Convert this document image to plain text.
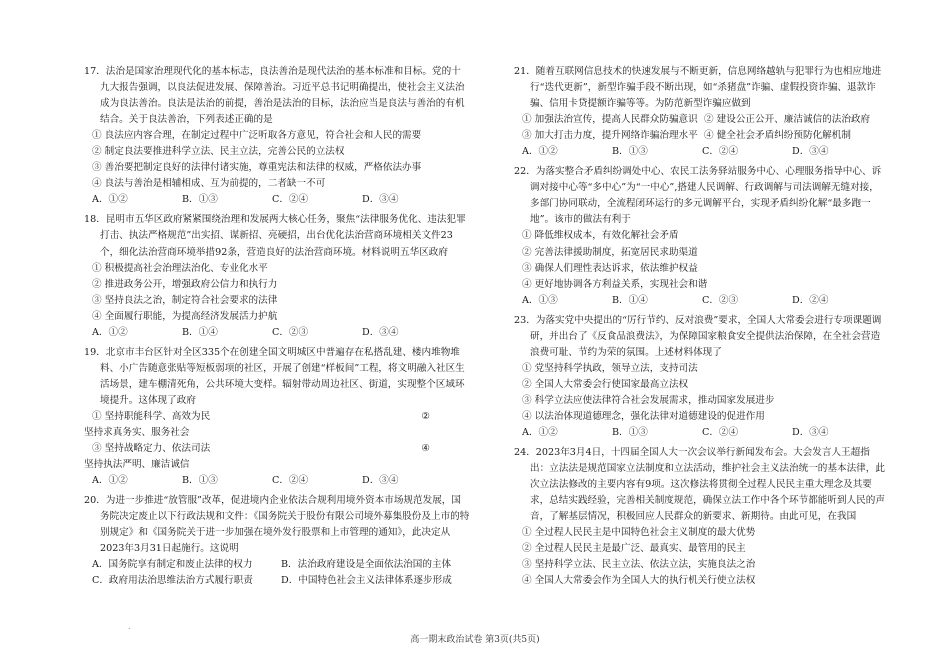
17．法治是国家治理现代化的基本标志，良法善治是现代法治的基本标准和目标。党的十九大报告强调，以良法促进发展、保障善治。习近平总书记明确提出，使社会主义法治成为良法善治。良法是法治的前提，善治是法治的目标，法治应当是良法与善治的有机结合。关于良法善治，下列表述正确的是

① 良法应内容合理，在制定过程中广泛听取各方意见，符合社会和人民的需要

② 制定良法要推进科学立法、民主立法，完善公民的立法权

③ 善治要把制定良好的法律付诸实施，尊重宪法和法律的权威，严格依法办事

④ 良法与善治是相辅相成、互为前提的，二者缺一不可

A．①②	B．①③	C．②④	D．③④

18．昆明市五华区政府紧紧围绕治理和发展两大核心任务，聚焦“法律服务优化、违法犯罪打击、执法严格规范”出实招、谋新招、亮硬招，出台优化法治营商环境相关文件23个，细化法治营商环境举措92条，营造良好的法治营商环境。材料说明五华区政府

① 积极提高社会治理法治化、专业化水平

② 推进政务公开，增强政府公信力和执行力

③ 坚持良法之治，制定符合社会要求的法律

④ 全面履行职能，为提高经济发展活力护航

A．①②	B．①④	C．②③	D．③④

19．北京市丰台区针对全区335个在创建全国文明城区中普遍存在私搭乱建、楼内堆物堆料、小广告随意张贴等短板弱项的社区，开展了创建“样板间”工程，将文明融入社区生活场景，建车棚清死角，公共环境大变样。辐射带动周边社区、街道，实现整个区域环境提升。这体现了政府

① 坚持职能科学、高效为民	②

坚持求真务实、服务社会

③ 坚持战略定力、依法司法	④

坚持执法严明、廉洁诚信

A．①②	B．①③	C．②④	D．③④

20．为进一步推进“放管服”改革，促进境内企业依法合规利用境外资本市场规范发展，国务院决定废止以下行政法规和文件：《国务院关于股份有限公司境外募集股份及上市的特别规定》和《国务院关于进一步加强在境外发行股票和上市管理的通知》，此决定从2023年3月31日起施行。这说明

A．国务院享有制定和废止法律的权力	B．法治政府建设是全面依法治国的主体
C．政府用法治思维法治方式履行职责	D．中国特色社会主义法律体系逐步形成

21．随着互联网信息技术的快速发展与不断更新，信息网络越轨与犯罪行为也相应地进行“迭代更新”，新型诈骗手段不断出现，如“杀猪盘”诈骗、虚假投资诈骗、退款诈骗、信用卡贷提额诈骗等等。为防范新型诈骗应做到

① 加强法治宣传，提高人民群众防骗意识 ② 建设公正公开、廉洁诚信的法治政府
③ 加大打击力度，提升网络诈骗治理水平 ④ 健全社会矛盾纠纷预防化解机制
A．①②	B．①③	C．②④	D．③④

22．为落实整合矛盾纠纷调处中心、农民工法务驿站服务中心、心理服务指导中心、诉调对接中心等“多中心”为“一中心”,搭建人民调解、行政调解与司法调解无缝对接，多部门协同联动，全流程闭环运行的多元调解平台，实现矛盾纠纷化解“最多跑一地”。该市的做法有利于

① 降低维权成本，有效化解社会矛盾

② 完善法律援助制度，拓宽居民求助渠道

③ 确保人们理性表达诉求，依法维护权益

④ 更好地协调各方利益关系，实现社会和谐

A．①③	B．①④	C．②③	D．②④

23．为落实党中央提出的“厉行节约、反对浪费”要求，全国人大常委会进行专项课题调研，并出台了《反食品浪费法》，为保障国家粮食安全提供法治保障，在全社会营造浪费可耻、节约为荣的氛围。上述材料体现了

① 党坚持科学执政，领导立法，支持司法

② 全国人大常委会行使国家最高立法权

③ 科学立法应使法律符合社会发展需求，推动国家发展进步

④ 以法治体现道德理念，强化法律对道德建设的促进作用

A．①②	B．①③	C．②④	D．③④

24．2023年3月4日，十四届全国人大一次会议举行新闻发布会。大会发言人王超指出：立法法是规范国家立法制度和立法活动，维护社会主义法治统一的基本法律，此次立法法修改的主要内容有9项。这次修法将贯彻全过程人民民主重大理念及其要求，总结实践经验，完善相关制度规范，确保立法工作中各个环节都能听到人民的声音，了解基层情况，积极回应人民群众的新要求、新期待。由此可见，在我国

① 全过程人民民主是中国特色社会主义制度的最大优势

② 全过程人民民主是最广泛、最真实、最管用的民主

③ 坚持科学立法、民主立法、依法立法，实施良法之治

④ 全国人大常委会作为全国人大的执行机关行使立法权

.
高一期末政治试卷 第3页(共5页)
